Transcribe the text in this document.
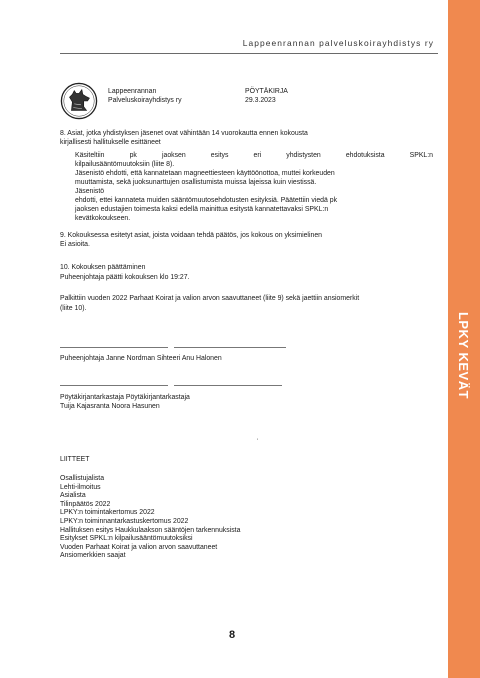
LPKY KEVÄT
Lappeenrannan palveluskoirayhdistys ry
Lappeenrannan
Palveluskoirayhdistys ry
PÖYTÄKIRJA
29.3.2023
8. Asiat, jotka yhdistyksen jäsenet ovat vähintään 14 vuorokautta ennen kokousta
kirjallisesti hallitukselle esittäneet
Käsiteltiin pk jaoksen esitys eri yhdistysten ehdotuksista SPKL:n
kilpailusääntömuutoksiin (liite 8).
Jäsenistö ehdotti, että kannatetaan magneettiesteen käyttöönottoa, muttei korkeuden
muuttamista, sekä juoksunarttujen osallistumista muissa lajeissa kuin viestissä.
Jäsenistö
ehdotti, ettei kannateta muiden sääntömuutosehdotusten esityksiä. Päätettiin viedä pk
jaoksen edustajien toimesta kaksi edellä mainittua esitystä kannatettavaksi SPKL:n
kevätkokoukseen.
9. Kokouksessa esitetyt asiat, joista voidaan tehdä päätös, jos kokous on yksimielinen
Ei asioita.
10. Kokouksen päättäminen
Puheenjohtaja päätti kokouksen klo 19:27.
Palkittiin vuoden 2022 Parhaat Koirat ja valion arvon saavuttaneet (liite 9) sekä jaettiin ansiomerkit
(liite 10).
Puheenjohtaja Janne Nordman Sihteeri Anu Halonen
Pöytäkirjantarkastaja Pöytäkirjantarkastaja
Tuija Kajasranta Noora Hasunen
'
LIITTEET
Osallistujalista
Lehti-ilmoitus
Asialista
Tilinpäätös 2022
LPKY:n toimintakertomus 2022
LPKY:n toiminnantarkastuskertomus 2022
Hallituksen esitys Haukkulaakson sääntöjen tarkennuksista
Esitykset SPKL:n kilpailusääntömuutoksiksi
Vuoden Parhaat Koirat ja valion arvon saavuttaneet
Ansiomerkkien saajat
8
